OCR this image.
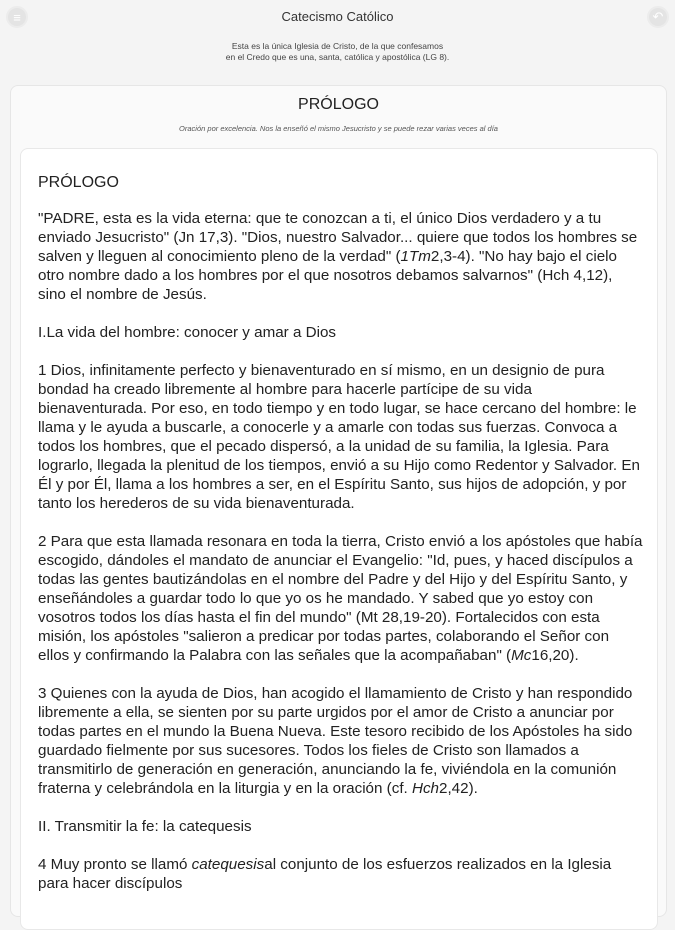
≡	Catecismo Católico	↶
Esta es la única Iglesia de Cristo, de la que confesamos
en el Credo que es una, santa, católica y apostólica (LG 8).
PRÓLOGO
Oración por excelencia. Nos la enseñó el mismo Jesucristo y se puede rezar varias veces al día

PRÓLOGO

"PADRE, esta es la vida eterna: que te conozcan a ti, el único Dios verdadero y a tu enviado Jesucristo" (Jn 17,3). "Dios, nuestro Salvador... quiere que todos los hombres se salven y lleguen al conocimiento pleno de la verdad" (1Tm2,3-4). "No hay bajo el cielo otro nombre dado a los hombres por el que nosotros debamos salvarnos" (Hch 4,12), sino el nombre de Jesús.

I.La vida del hombre: conocer y amar a Dios

1 Dios, infinitamente perfecto y bienaventurado en sí mismo, en un designio de pura bondad ha creado libremente al hombre para hacerle partícipe de su vida bienaventurada. Por eso, en todo tiempo y en todo lugar, se hace cercano del hombre: le llama y le ayuda a buscarle, a conocerle y a amarle con todas sus fuerzas. Convoca a todos los hombres, que el pecado dispersó, a la unidad de su familia, la Iglesia. Para lograrlo, llegada la plenitud de los tiempos, envió a su Hijo como Redentor y Salvador. En Él y por Él, llama a los hombres a ser, en el Espíritu Santo, sus hijos de adopción, y por tanto los herederos de su vida bienaventurada.

2 Para que esta llamada resonara en toda la tierra, Cristo envió a los apóstoles que había escogido, dándoles el mandato de anunciar el Evangelio: "Id, pues, y haced discípulos a todas las gentes bautizándolas en el nombre del Padre y del Hijo y del Espíritu Santo, y enseñándoles a guardar todo lo que yo os he mandado. Y sabed que yo estoy con vosotros todos los días hasta el fin del mundo" (Mt 28,19-20). Fortalecidos con esta misión, los apóstoles "salieron a predicar por todas partes, colaborando el Señor con ellos y confirmando la Palabra con las señales que la acompañaban" (Mc16,20).

3 Quienes con la ayuda de Dios, han acogido el llamamiento de Cristo y han respondido libremente a ella, se sienten por su parte urgidos por el amor de Cristo a anunciar por todas partes en el mundo la Buena Nueva. Este tesoro recibido de los Apóstoles ha sido guardado fielmente por sus sucesores. Todos los fieles de Cristo son llamados a transmitirlo de generación en generación, anunciando la fe, viviéndola en la comunión fraterna y celebrándola en la liturgia y en la oración (cf. Hch2,42).

II. Transmitir la fe: la catequesis

4 Muy pronto se llamó catequesisal conjunto de los esfuerzos realizados en la Iglesia para hacer discípulos
